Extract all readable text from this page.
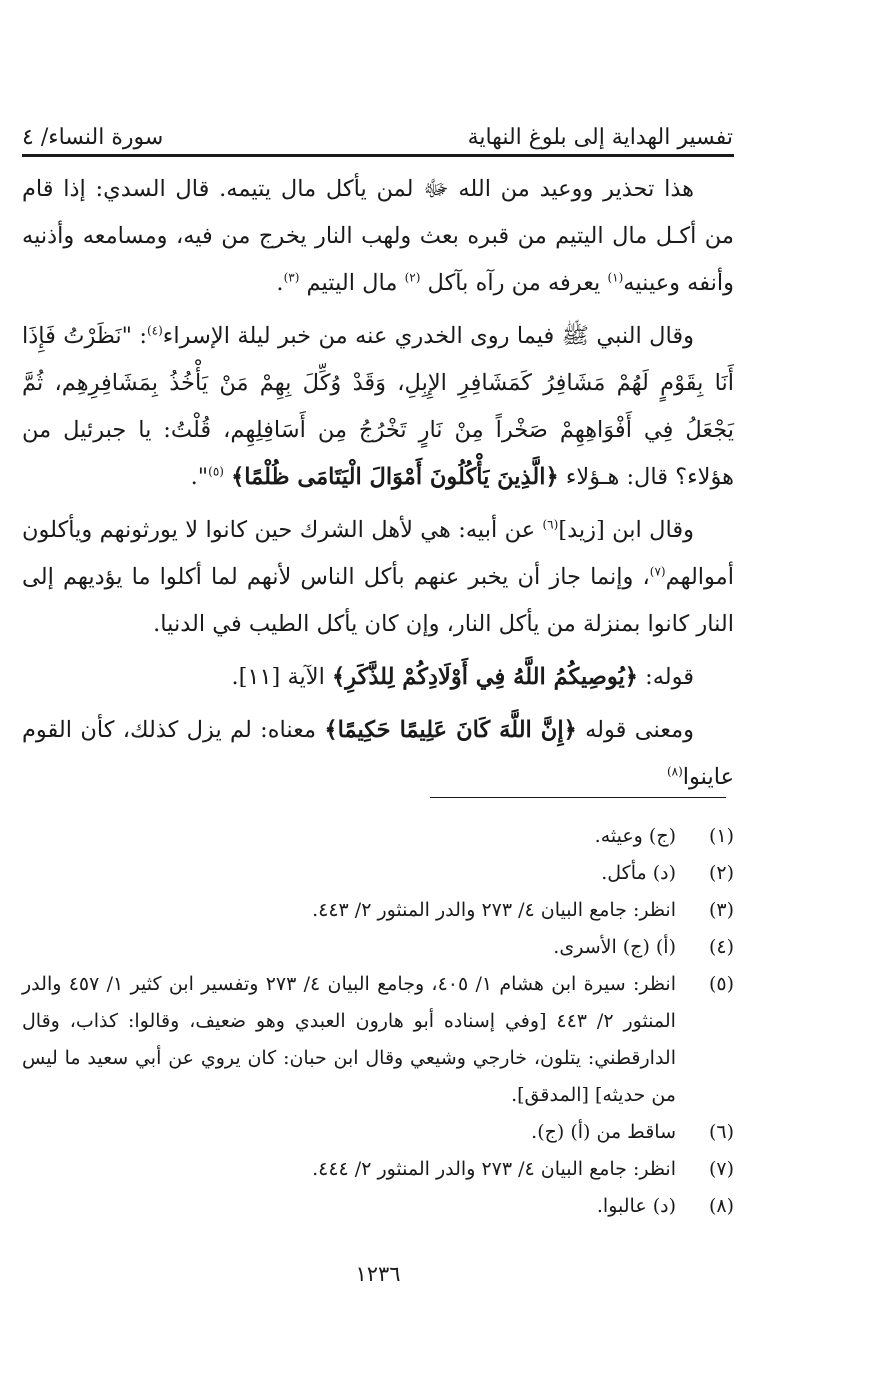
تفسير الهداية إلى بلوغ النهاية
سورة النساء/ ٤

هذا تحذير ووعيد من الله ﷻ لمن يأكل مال يتيمه. قال السدي: إذا قام من أكـل مال اليتيم من قبره بعث ولهب النار يخرج من فيه، ومسامعه وأذنيه وأنفه وعينيه$^{(١)}$ يعرفه من رآه بآكل $^{(٢)}$ مال اليتيم $^{(٣)}$.

وقال النبي ﷺ فيما روى الخدري عنه من خبر ليلة الإسراء$^{(٤)}$: "نَظَرْتُ فَإِذَا أَنَا بِقَوْمٍ لَهُمْ مَشَافِرُ كَمَشَافِرِ الإِبِلِ، وَقَدْ وُكِّلَ بِهِمْ مَنْ يَأْخُذُ بِمَشَافِرِهِم، ثُمَّ يَجْعَلُ فِي أَفْوَاهِهِمْ صَخْراً مِنْ نَارٍ تَخْرُجُ مِن أَسَافِلِهِم، قُلْتُ: يا جبرئيل من هؤلاء؟ قال: هـؤلاء ﴿الَّذِينَ يَأْكُلُونَ أَمْوَالَ الْيَتَامَى ظُلْمًا﴾ $^{(٥)}$".

وقال ابن [زيد]$^{(٦)}$ عن أبيه: هي لأهل الشرك حين كانوا لا يورثونهم ويأكلون أموالهم$^{(٧)}$، وإنما جاز أن يخبر عنهم بأكل الناس لأنهم لما أكلوا ما يؤديهم إلى النار كانوا بمنزلة من يأكل النار، وإن كان يأكل الطيب في الدنيا.

قوله: ﴿يُوصِيكُمُ اللَّهُ فِي أَوْلَادِكُمْ لِلذَّكَرِ﴾ الآية [١١].

ومعنى قوله ﴿إِنَّ اللَّهَ كَانَ عَلِيمًا حَكِيمًا﴾ معناه: لم يزل كذلك، كأن القوم عاينوا$^{(٨)}$

(١)
(ج) وعيثه.
(٢)
(د) مأكل.
(٣)
انظر: جامع البيان ٤/ ٢٧٣ والدر المنثور ٢/ ٤٤٣.
(٤)
(أ) (ج) الأسرى.
(٥)
انظر: سيرة ابن هشام ١/ ٤٠٥، وجامع البيان ٤/ ٢٧٣ وتفسير ابن كثير ١/ ٤٥٧ والدر المنثور ٢/ ٤٤٣ [وفي إسناده أبو هارون العبدي وهو ضعيف، وقالوا: كذاب، وقال الدارقطني: يتلون، خارجي وشيعي وقال ابن حبان: كان يروي عن أبي سعيد ما ليس من حديثه] [المدقق].
(٦)
ساقط من (أ) (ج).
(٧)
انظر: جامع البيان ٤/ ٢٧٣ والدر المنثور ٢/ ٤٤٤.
(٨)
(د) عالبوا.
١٢٣٦
